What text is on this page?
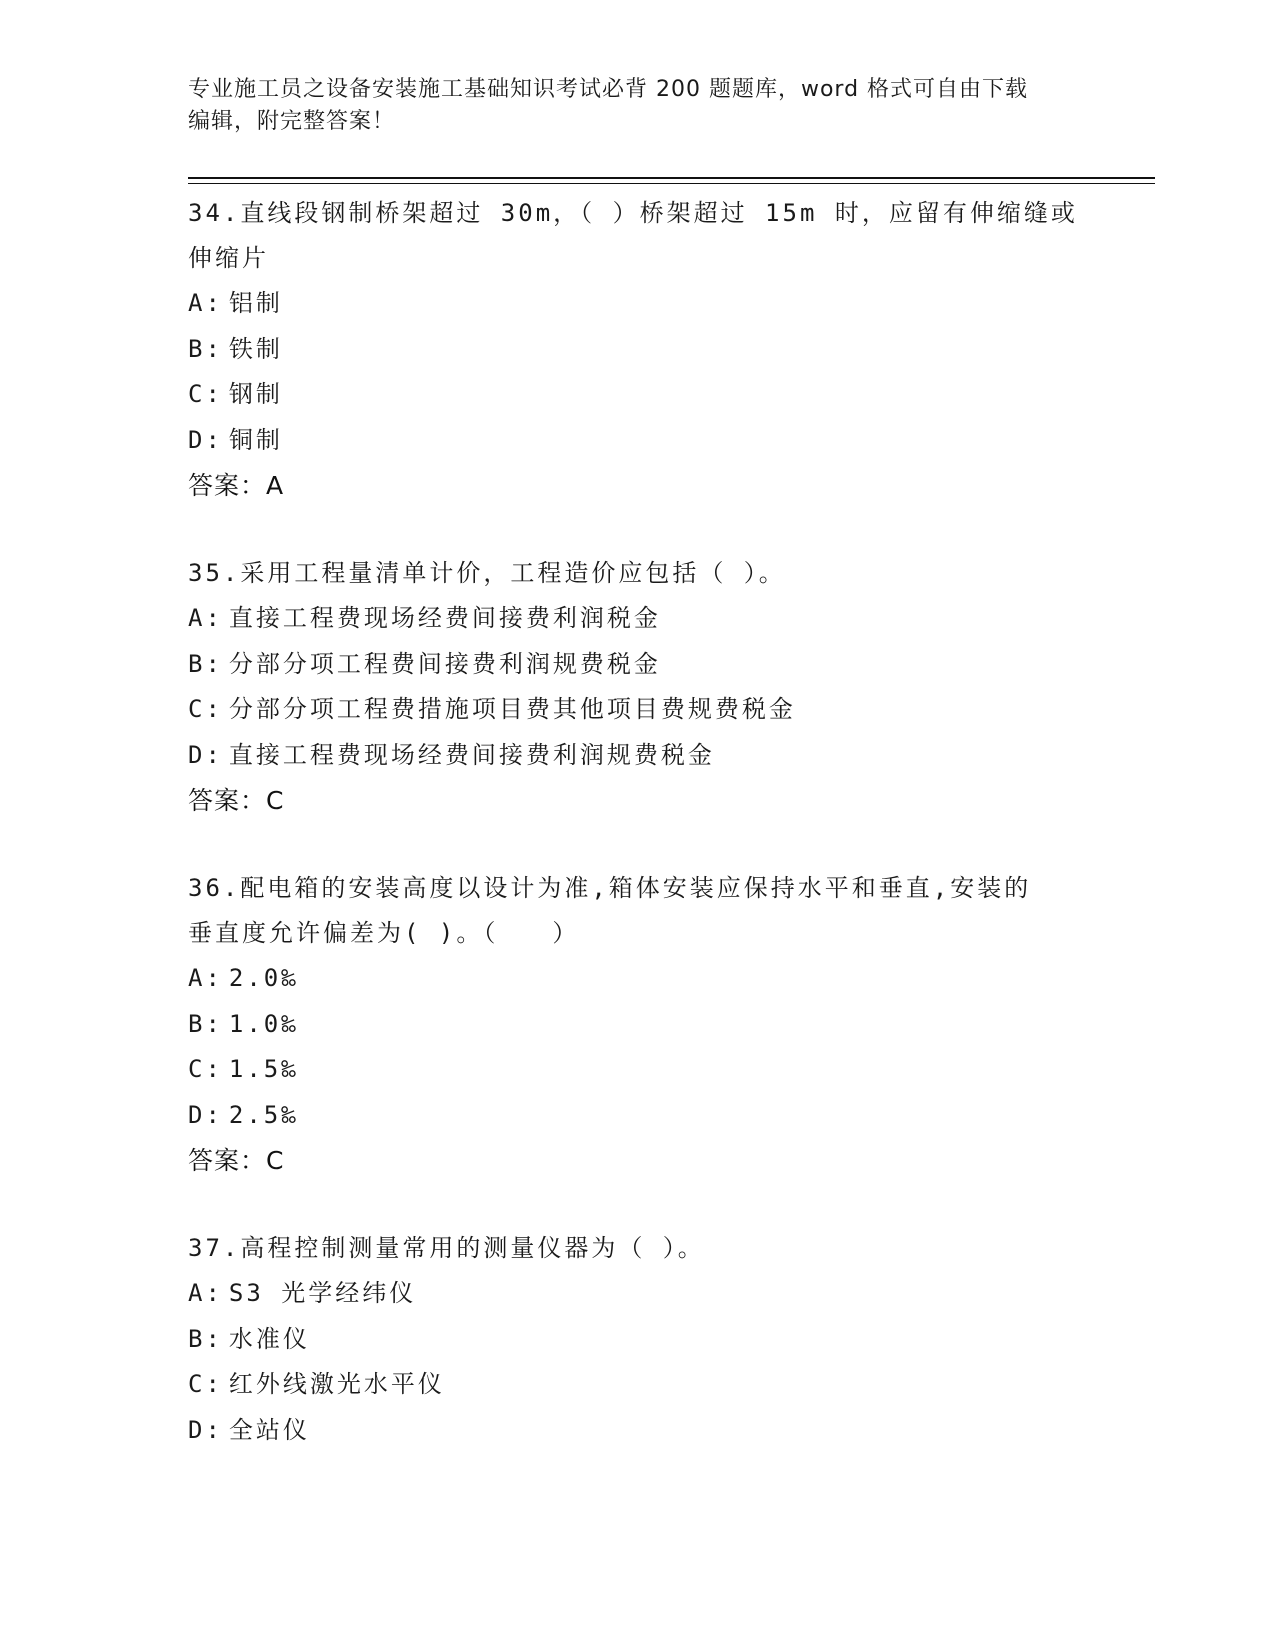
专业施工员之设备安装施工基础知识考试必背 200 题题库，word 格式可自由下载
编辑，附完整答案！
34.直线段钢制桥架超过 30m，（ ）桥架超过 15m 时，应留有伸缩缝或
伸缩片
A: 铝制
B: 铁制
C: 钢制
D: 铜制
答案：A
35.采用工程量清单计价，工程造价应包括（ ）。
A: 直接工程费现场经费间接费利润税金
B: 分部分项工程费间接费利润规费税金
C: 分部分项工程费措施项目费其他项目费规费税金
D: 直接工程费现场经费间接费利润规费税金
答案：C
36.配电箱的安装高度以设计为准,箱体安装应保持水平和垂直,安装的
垂直度允许偏差为( )。（　　）
A: 2.0‰
B: 1.0‰
C: 1.5‰
D: 2.5‰
答案：C
37.高程控制测量常用的测量仪器为（ ）。
A: S3 光学经纬仪
B: 水准仪
C: 红外线激光水平仪
D: 全站仪
